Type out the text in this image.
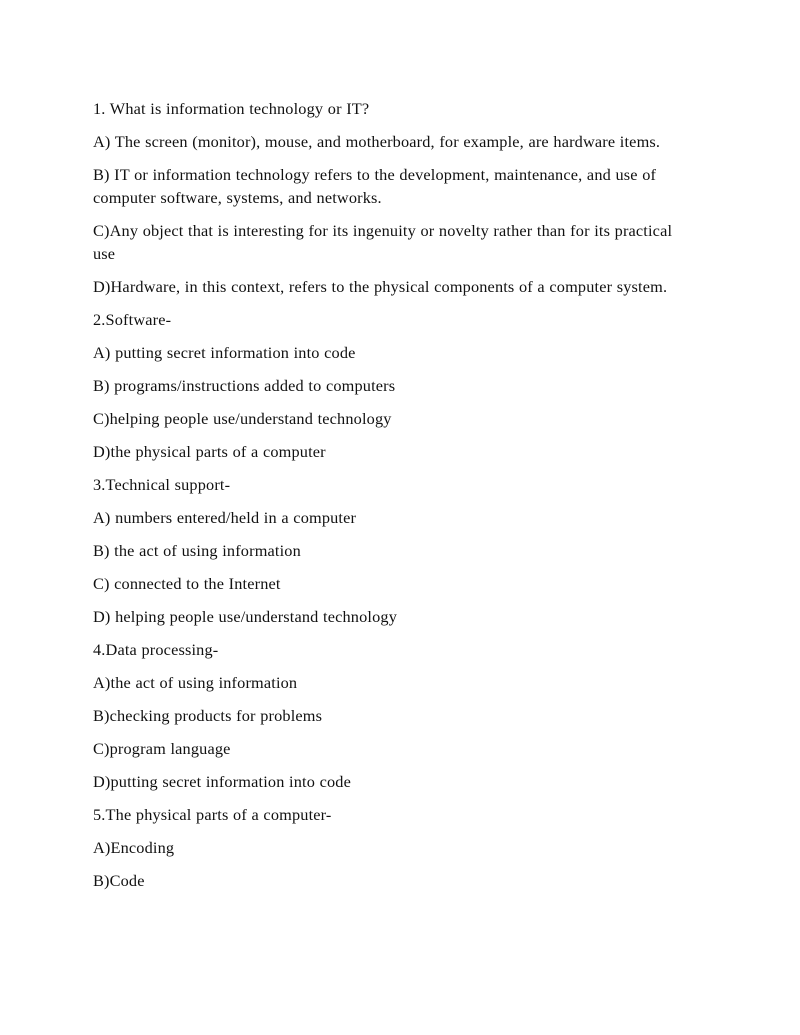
1. What is information technology or IT?

A) The screen (monitor), mouse, and motherboard, for example, are hardware items.

B) IT or information technology refers to the development, maintenance, and use of computer software, systems, and networks.

C)Any object that is interesting for its ingenuity or novelty rather than for its practical use

D)Hardware, in this context, refers to the physical components of a computer system.

2.Software-

A) putting secret information into code

B) programs/instructions added to computers

C)helping people use/understand technology

D)the physical parts of a computer

3.Technical support-

A) numbers entered/held in a computer

B) the act of using information

C) connected to the Internet

D) helping people use/understand technology

4.Data processing-

A)the act of using information

B)checking products for problems

C)program language

D)putting secret information into code

5.The physical parts of a computer-

A)Encoding

B)Code
